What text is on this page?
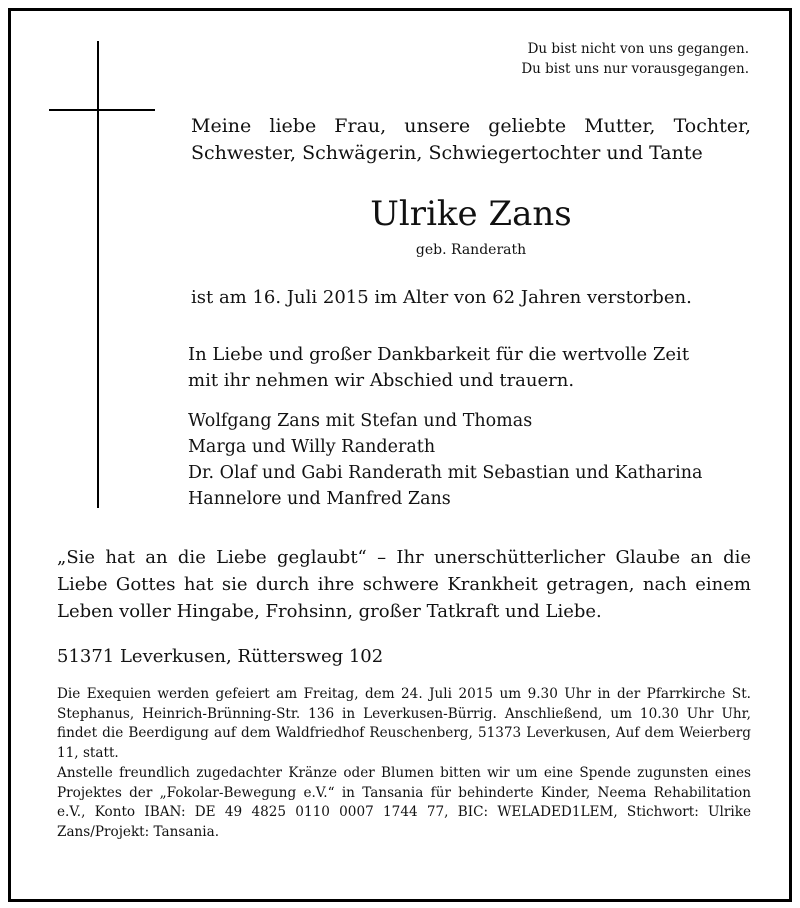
Du bist nicht von uns gegangen.
Du bist uns nur vorausgegangen.
Meine liebe Frau, unsere geliebte Mutter, Tochter, Schwester, Schwägerin, Schwiegertochter und Tante
Ulrike Zans
geb. Randerath
ist am 16. Juli 2015 im Alter von 62 Jahren verstorben.
In Liebe und großer Dankbarkeit für die wertvolle Zeit
mit ihr nehmen wir Abschied und trauern.
Wolfgang Zans mit Stefan und Thomas
Marga und Willy Randerath
Dr. Olaf und Gabi Randerath mit Sebastian und Katharina
Hannelore und Manfred Zans
„Sie hat an die Liebe geglaubt“ – Ihr unerschütterlicher Glaube an die Liebe Gottes hat sie durch ihre schwere Krankheit getragen, nach einem Leben voller Hingabe, Frohsinn, großer Tatkraft und Liebe.
51371 Leverkusen, Rüttersweg 102

Die Exequien werden gefeiert am Freitag, dem 24. Juli 2015 um 9.30 Uhr in der Pfarrkirche St. Stephanus, Heinrich-Brünning-Str. 136 in Leverkusen-Bürrig. Anschließend, um 10.30 Uhr Uhr, findet die Beerdigung auf dem Waldfriedhof Reuschenberg, 51373 Leverkusen, Auf dem Weierberg 11, statt.

Anstelle freundlich zugedachter Kränze oder Blumen bitten wir um eine Spende zugunsten eines Projektes der „Fokolar-Bewegung e.V.“ in Tansania für behinderte Kinder, Neema Rehabilitation e.V., Konto IBAN: DE 49 4825 0110 0007 1744 77, BIC: WELADED1LEM, Stichwort: Ulrike Zans/Projekt: Tansania.
